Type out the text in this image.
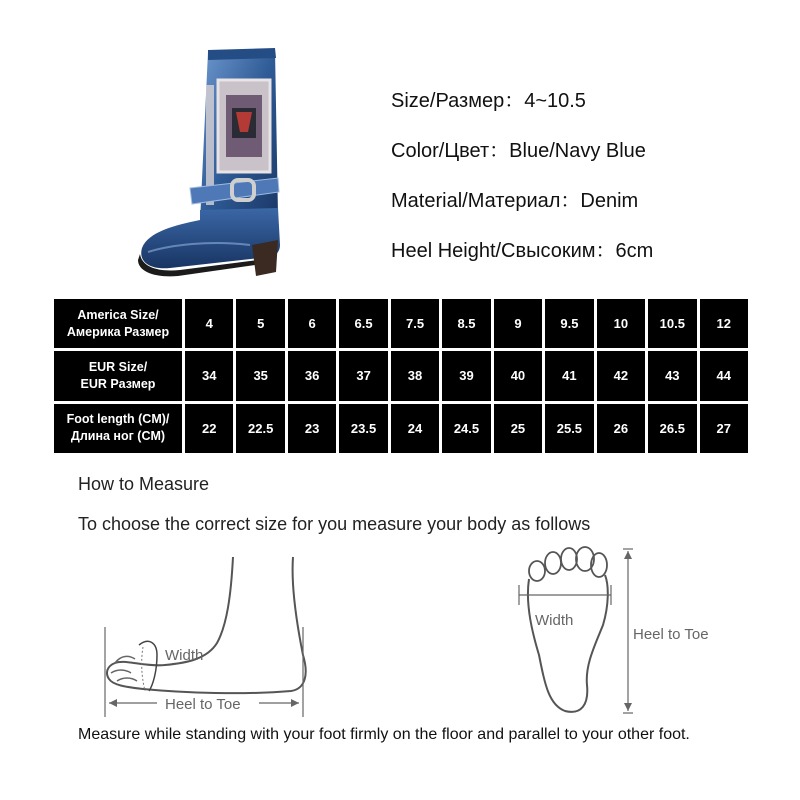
Size/Размер：4~10.5
Color/Цвет：Blue/Navy Blue
Material/Материал：Denim
Heel Height/Свысоким：6cm
America Size/
Америка Размер	4	5	6	6.5	7.5	8.5	9	9.5	10	10.5	12

EUR Size/
EUR Размер	34	35	36	37	38	39	40	41	42	43	44

Foot length (CM)/
Длина ног (CM)	22	22.5	23	23.5	24	24.5	25	25.5	26	26.5	27
How to Measure
To choose the correct size for you measure your body as follows
Width
Heel to Toe
Width
Heel to Toe
Measure while standing with your foot firmly on the floor and parallel to your other foot.
